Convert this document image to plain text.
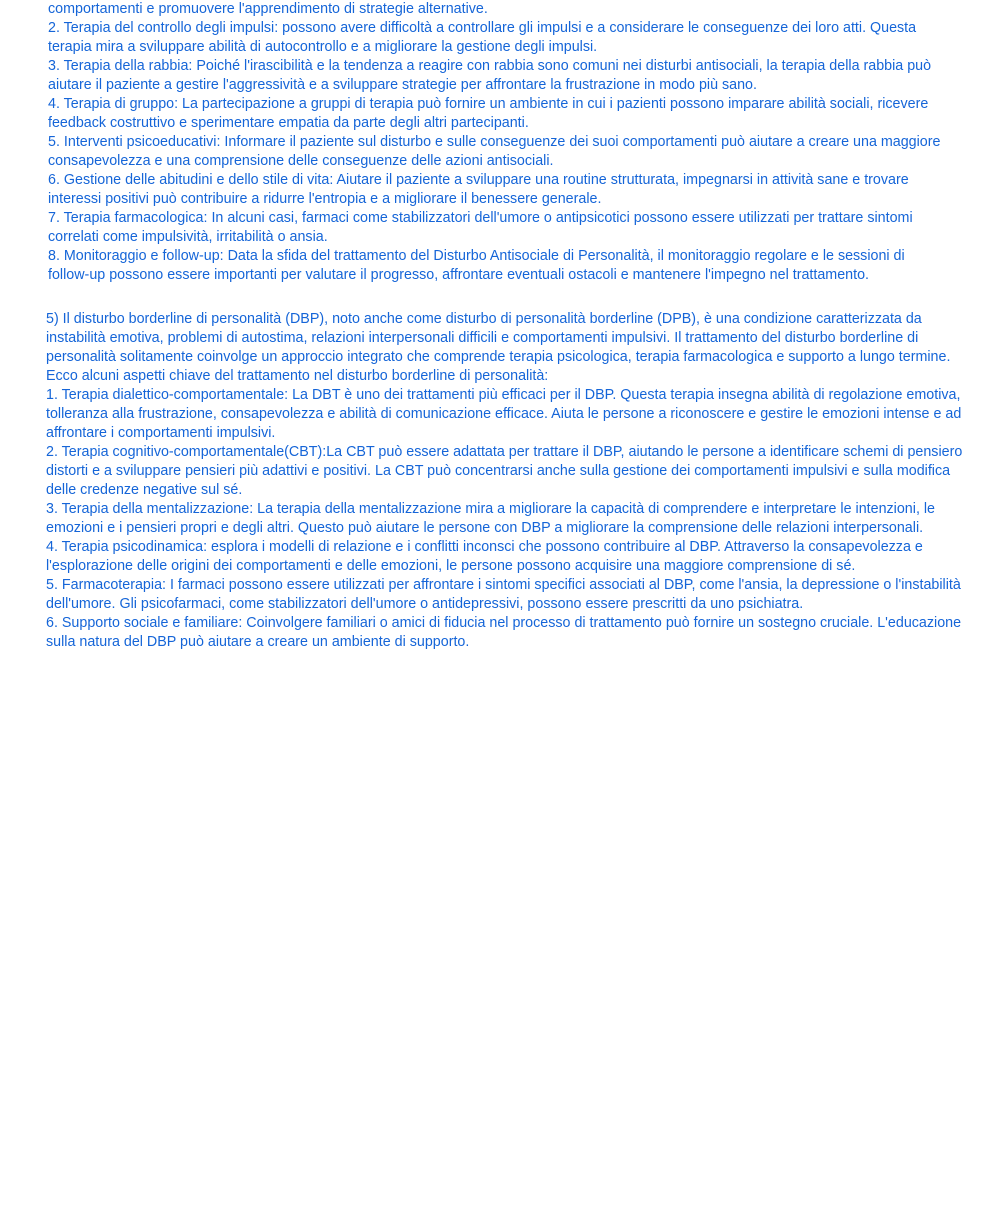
comportamenti e promuovere l'apprendimento di strategie alternative.
2. Terapia del controllo degli impulsi: possono avere difficoltà a controllare gli impulsi e a considerare le conseguenze dei loro atti. Questa
terapia mira a sviluppare abilità di autocontrollo e a migliorare la gestione degli impulsi.
3. Terapia della rabbia: Poiché l'irascibilità e la tendenza a reagire con rabbia sono comuni nei disturbi antisociali, la terapia della rabbia può
aiutare il paziente a gestire l'aggressività e a sviluppare strategie per affrontare la frustrazione in modo più sano.
4. Terapia di gruppo: La partecipazione a gruppi di terapia può fornire un ambiente in cui i pazienti possono imparare abilità sociali, ricevere
feedback costruttivo e sperimentare empatia da parte degli altri partecipanti.
5. Interventi psicoeducativi: Informare il paziente sul disturbo e sulle conseguenze dei suoi comportamenti può aiutare a creare una maggiore
consapevolezza e una comprensione delle conseguenze delle azioni antisociali.
6. Gestione delle abitudini e dello stile di vita: Aiutare il paziente a sviluppare una routine strutturata, impegnarsi in attività sane e trovare
interessi positivi può contribuire a ridurre l'entropia e a migliorare il benessere generale.
7. Terapia farmacologica: In alcuni casi, farmaci come stabilizzatori dell'umore o antipsicotici possono essere utilizzati per trattare sintomi
correlati come impulsività, irritabilità o ansia.
8. Monitoraggio e follow-up: Data la sfida del trattamento del Disturbo Antisociale di Personalità, il monitoraggio regolare e le sessioni di
follow-up possono essere importanti per valutare il progresso, affrontare eventuali ostacoli e mantenere l'impegno nel trattamento.
5) Il disturbo borderline di personalità (DBP), noto anche come disturbo di personalità borderline (DPB), è una condizione caratterizzata da
instabilità emotiva, problemi di autostima, relazioni interpersonali difficili e comportamenti impulsivi. Il trattamento del disturbo borderline di
personalità solitamente coinvolge un approccio integrato che comprende terapia psicologica, terapia farmacologica e supporto a lungo termine.
Ecco alcuni aspetti chiave del trattamento nel disturbo borderline di personalità:
1. Terapia dialettico-comportamentale: La DBT è uno dei trattamenti più efficaci per il DBP. Questa terapia insegna abilità di regolazione emotiva,
tolleranza alla frustrazione, consapevolezza e abilità di comunicazione efficace. Aiuta le persone a riconoscere e gestire le emozioni intense e ad
affrontare i comportamenti impulsivi.
2. Terapia cognitivo-comportamentale(CBT):La CBT può essere adattata per trattare il DBP, aiutando le persone a identificare schemi di pensiero
distorti e a sviluppare pensieri più adattivi e positivi. La CBT può concentrarsi anche sulla gestione dei comportamenti impulsivi e sulla modifica
delle credenze negative sul sé.
3. Terapia della mentalizzazione: La terapia della mentalizzazione mira a migliorare la capacità di comprendere e interpretare le intenzioni, le
emozioni e i pensieri propri e degli altri. Questo può aiutare le persone con DBP a migliorare la comprensione delle relazioni interpersonali.
4. Terapia psicodinamica: esplora i modelli di relazione e i conflitti inconsci che possono contribuire al DBP. Attraverso la consapevolezza e
l'esplorazione delle origini dei comportamenti e delle emozioni, le persone possono acquisire una maggiore comprensione di sé.
5. Farmacoterapia: I farmaci possono essere utilizzati per affrontare i sintomi specifici associati al DBP, come l'ansia, la depressione o l'instabilità
dell'umore. Gli psicofarmaci, come stabilizzatori dell'umore o antidepressivi, possono essere prescritti da uno psichiatra.
6. Supporto sociale e familiare: Coinvolgere familiari o amici di fiducia nel processo di trattamento può fornire un sostegno cruciale. L'educazione
sulla natura del DBP può aiutare a creare un ambiente di supporto.
